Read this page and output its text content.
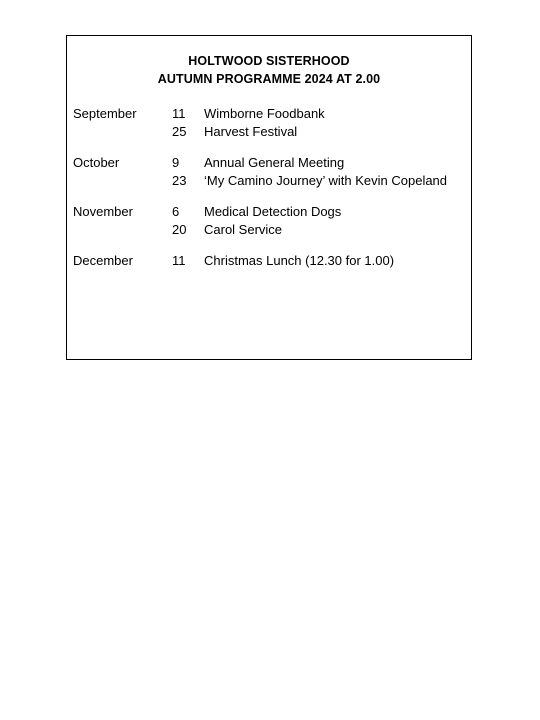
HOLTWOOD SISTERHOOD
AUTUMN PROGRAMME 2024 AT 2.00
September	11 Wimborne Foodbank
25 Harvest Festival
October	9 Annual General Meeting
23 ‘My Camino Journey’ with Kevin Copeland
November	6 Medical Detection Dogs
20 Carol Service
December	11 Christmas Lunch (12.30 for 1.00)
